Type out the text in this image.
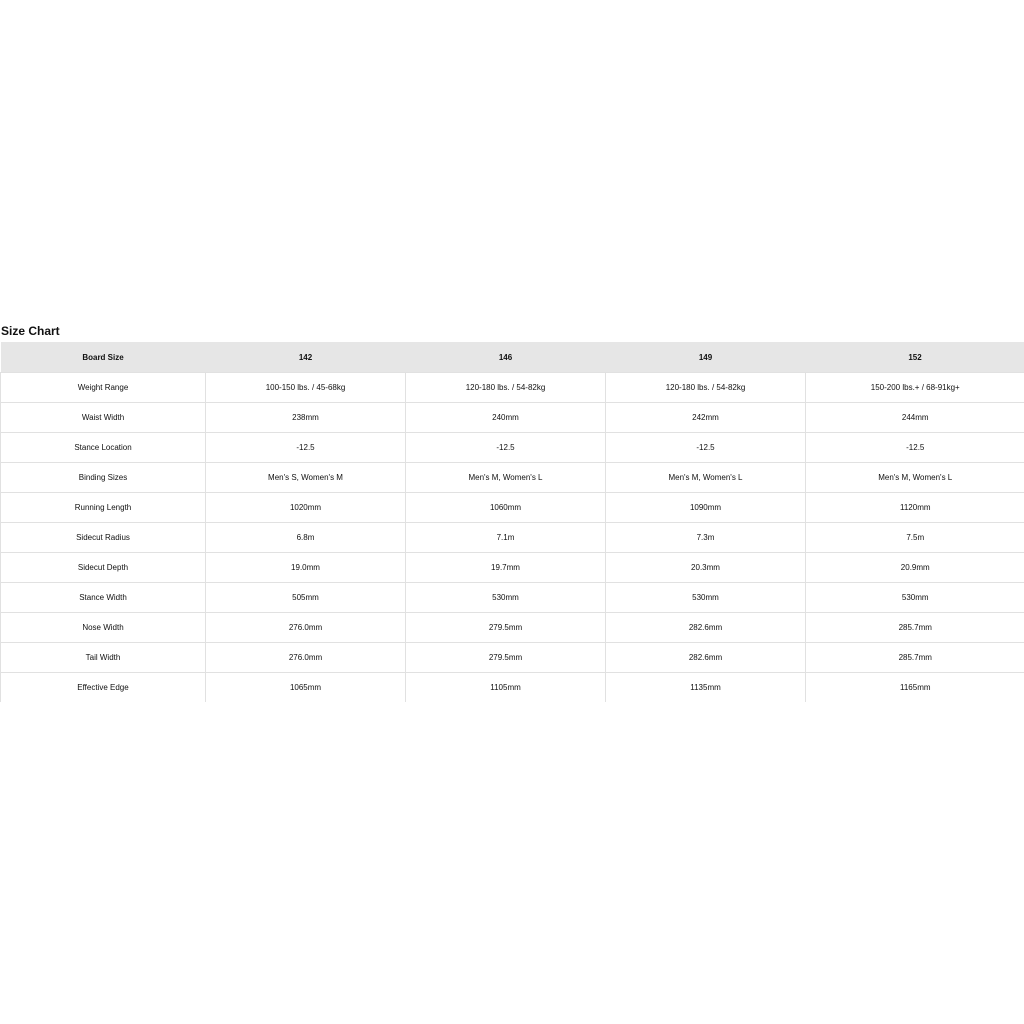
Size Chart
Board Size	142	146	149	152
Weight Range	100-150 lbs. / 45-68kg	120-180 lbs. / 54-82kg	120-180 lbs. / 54-82kg	150-200 lbs.+ / 68-91kg+
Waist Width	238mm	240mm	242mm	244mm
Stance Location	-12.5	-12.5	-12.5	-12.5
Binding Sizes	Men's S, Women's M	Men's M, Women's L	Men's M, Women's L	Men's M, Women's L
Running Length	1020mm	1060mm	1090mm	1120mm
Sidecut Radius	6.8m	7.1m	7.3m	7.5m
Sidecut Depth	19.0mm	19.7mm	20.3mm	20.9mm
Stance Width	505mm	530mm	530mm	530mm
Nose Width	276.0mm	279.5mm	282.6mm	285.7mm
Tail Width	276.0mm	279.5mm	282.6mm	285.7mm
Effective Edge	1065mm	1105mm	1135mm	1165mm
